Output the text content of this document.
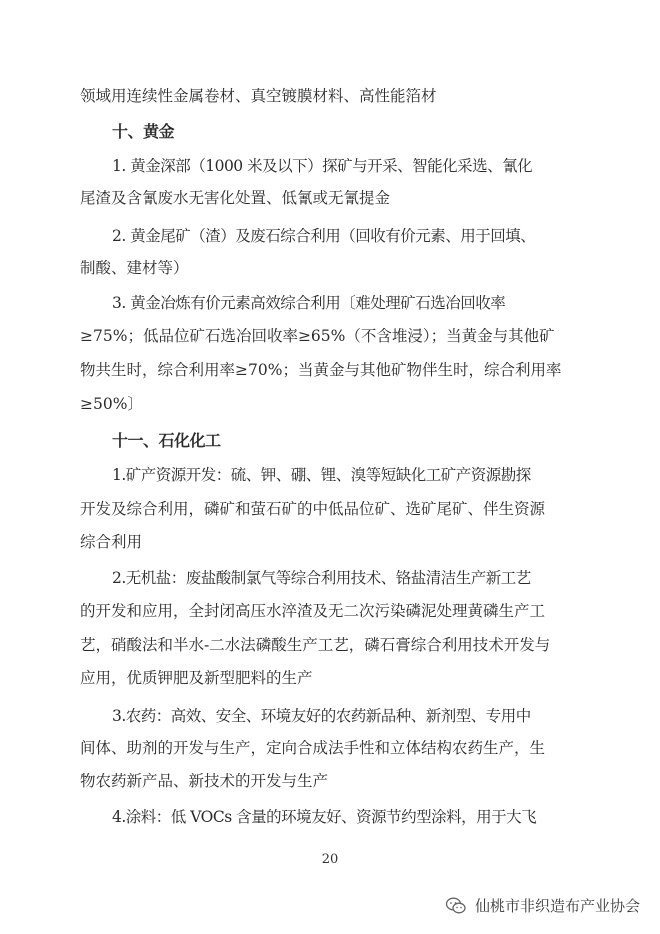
领域用连续性金属卷材、真空镀膜材料、高性能箔材
十、黄金
1. 黄金深部（1000 米及以下）探矿与开采、智能化采选、氰化
尾渣及含氰废水无害化处置、低氰或无氰提金
2. 黄金尾矿（渣）及废石综合利用（回收有价元素、用于回填、
制酸、建材等）
3. 黄金冶炼有价元素高效综合利用〔难处理矿石选冶回收率
≥75%；低品位矿石选冶回收率≥65%（不含堆浸）；当黄金与其他矿
物共生时，综合利用率≥70%；当黄金与其他矿物伴生时，综合利用率
≥50%〕
十一、石化化工
1.矿产资源开发：硫、钾、硼、锂、溴等短缺化工矿产资源勘探
开发及综合利用，磷矿和萤石矿的中低品位矿、选矿尾矿、伴生资源
综合利用
2.无机盐：废盐酸制氯气等综合利用技术、铬盐清洁生产新工艺
的开发和应用，全封闭高压水淬渣及无二次污染磷泥处理黄磷生产工
艺，硝酸法和半水-二水法磷酸生产工艺，磷石膏综合利用技术开发与
应用，优质钾肥及新型肥料的生产
3.农药：高效、安全、环境友好的农药新品种、新剂型、专用中
间体、助剂的开发与生产，定向合成法手性和立体结构农药生产，生
物农药新产品、新技术的开发与生产
4.涂料：低 VOCs 含量的环境友好、资源节约型涂料，用于大飞
20
仙桃市非织造布产业协会
